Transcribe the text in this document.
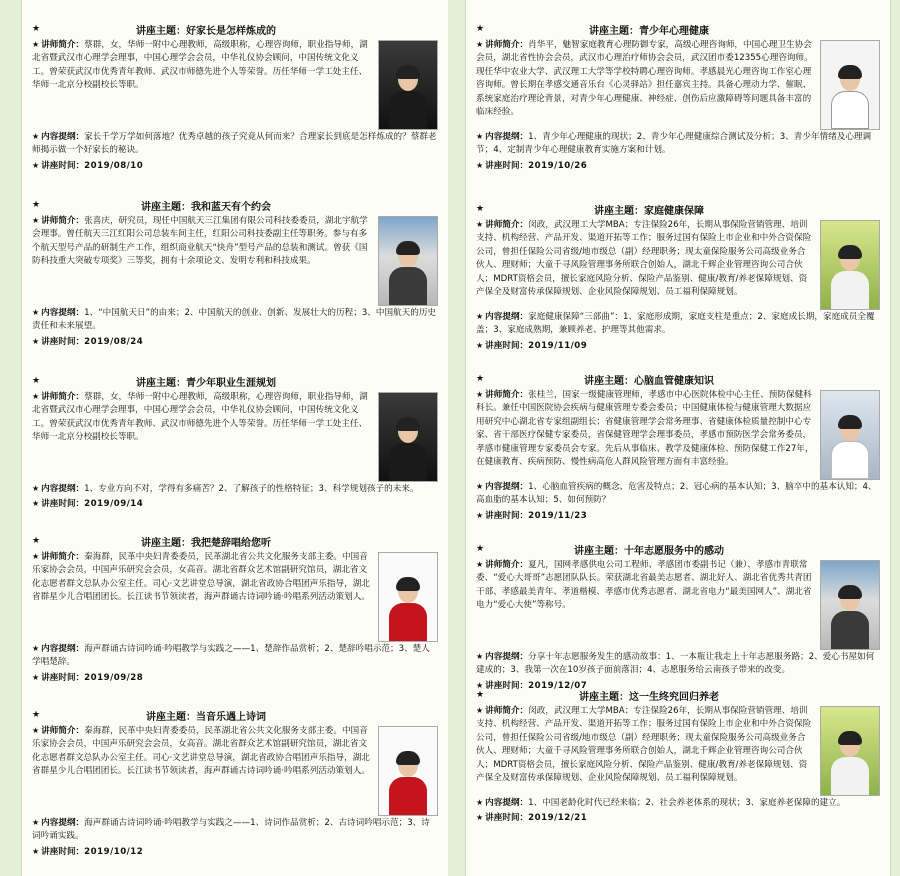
★	讲座主题：好家长是怎样炼成的
★ 讲师简介：蔡群，女，华师一附中心理教师，高级职称，心理咨询师，职业指导师，湖北省暨武汉市心理学会理事，中国心理学会会员，中华礼仪协会顾问，中国传统文化义工。曾荣获武汉市优秀青年教师、武汉市师德先进个人等荣誉。历任华师一学工处主任、华师一北京分校副校长等职。
★ 内容提纲：家长千学万学如何落地？优秀卓越的孩子究竟从何而来？合理家长到底是怎样炼成的？蔡群老师揭示做一个好家长的秘诀。
★ 讲座时间：2019/08/10
★	讲座主题：我和蓝天有个约会
★ 讲师简介：张喜庆，研究员，现任中国航天三江集团有限公司科技委委员，湖北宇航学会理事。曾任航天三江红阳公司总装车间主任，红阳公司科技委副主任等职务。参与有多个航天型号产品的研制生产工作，组织商业航天“快舟”型号产品的总装和测试。曾获《国防科技重大突破专项奖》三等奖，拥有十余项论文、发明专利和科技成果。
★ 内容提纲：1、“中国航天日”的由来；2、中国航天的创业、创新、发展壮大的历程；3、中国航天的历史责任和未来展望。
★ 讲座时间：2019/08/24
★	讲座主题：青少年职业生涯规划
★ 讲师简介：蔡群，女，华师一附中心理教师，高级职称，心理咨询师，职业指导师，湖北省暨武汉市心理学会理事，中国心理学会会员，中华礼仪协会顾问，中国传统文化义工。曾荣获武汉市优秀青年教师、武汉市师德先进个人等荣誉。历任华师一学工处主任、华师一北京分校副校长等职。
★ 内容提纲：1、专业方向不对，学得有多痛苦？2、了解孩子的性格特征；3、科学规划孩子的未来。
★ 讲座时间：2019/09/14
★	讲座主题：我把楚辞唱给您听
★ 讲师简介：秦海群，民革中央妇青委委员，民革湖北省公共文化服务支部主委。中国音乐家协会会员，中国声乐研究会会员，女高音。湖北省群众艺术馆副研究馆员，湖北省文化志愿者群文总队办公室主任。司心·文艺讲堂总导演，湖北省政协合唱团声乐指导，湖北省群星少儿合唱团团长。长江读书节领读者，海声群诵古诗词吟诵·吟唱系列活动策划人。
★ 内容提纲：海声群诵古诗词吟诵·吟唱教学与实践之——1、楚辞作品赏析；2、楚辞吟唱示范；3、楚人学唱楚辞。
★ 讲座时间：2019/09/28
★	讲座主题：当音乐遇上诗词
★ 讲师简介：秦海群，民革中央妇青委委员，民革湖北省公共文化服务支部主委。中国音乐家协会会员，中国声乐研究会会员，女高音。湖北省群众艺术馆副研究馆员，湖北省文化志愿者群文总队办公室主任。司心·文艺讲堂总导演，湖北省政协合唱团声乐指导，湖北省群星少儿合唱团团长。长江读书节领读者，海声群诵古诗词吟诵·吟唱系列活动策划人。
★ 内容提纲：海声群诵古诗词吟诵·吟唱教学与实践之——1、诗词作品赏析；2、古诗词吟唱示范；3、诗词吟诵实践。
★ 讲座时间：2019/10/12
★	讲座主题：青少年心理健康
★ 讲师简介：肖华平，魅智家庭教育心理防御专家，高级心理咨询师，中国心理卫生协会会员，湖北省性协会会员，武汉市心理治疗师协会会员，武汉团市委12355心理咨询师。现任华中农业大学、武汉理工大学等学校特聘心理咨询师。孝感晨光心理咨询工作室心理咨询师。曾长期在孝感交通音乐台《心灵驿站》担任嘉宾主持。具备心理动力学、催眠、系统家庭治疗理论背景，对青少年心理健康、神经症、创伤后应激障碍等问题具备丰富的临床经验。
★ 内容提纲：1、青少年心理健康的现状；2、青少年心理健康综合测试及分析；3、青少年情绪及心理调节；4、定制青少年心理健康教育实施方案和计划。
★ 讲座时间：2019/10/26
★	讲座主题：家庭健康保障
★ 讲师简介：闵政，武汉理工大学MBA；专注保险26年，长期从事保险营销管理、培训支持、机构经营、产品开发、渠道开拓等工作；服务过国有保险上市企业和中外合资保险公司，曾担任保险公司省级/地市级总（副）经理职务；现太童保险服务公司高级业务合伙人、理财师；大童千寻风险管理事务所联合创始人，湖北千辉企业管理咨询公司合伙人；MDRT资格会员，擅长家庭风险分析、保险产品鉴别、健康/教育/养老保障规划、资产保全及财富传承保障规划、企业风险保障规划、员工福利保障规划。
★ 内容提纲：家庭健康保障“三部曲”：1、家庭形成期，家庭支柱是重点；2、家庭成长期，家庭成员全覆盖；3、家庭成熟期，兼顾养老、护理等其他需求。
★ 讲座时间：2019/11/09
★	讲座主题：心脑血管健康知识
★ 讲师简介：张桂兰，国家一级健康管理师，孝感市中心医院体检中心主任、预防保健科科长。兼任中国医院协会疾病与健康管理专委会委员；中国健康体检与健康管理大数据应用研究中心湖北省专家组副组长；省健康管理学会常务理事、省健康体检质量控制中心专家、省干部医疗保健专家委员，省保健管理学会理事委员，孝感市预防医学会常务委员，孝感市健康管理专家委员会专家。先后从事临床、教学及健康体检、预防保健工作27年，在健康教育、疾病预防、慢性病高危人群风险管理方面有丰富经验。
★ 内容提纲：1、心脑血管疾病的概念、危害及特点；2、冠心病的基本认知；3、脑卒中的基本认知；4、高血脂的基本认知；5、如何预防？
★ 讲座时间：2019/11/23
★	讲座主题：十年志愿服务中的感动
★ 讲师简介：夏凡，国网孝感供电公司工程师、孝感团市委副书记（兼）、孝感市青联常委、“爱心大哥哥”志愿团队队长。荣获湖北省最美志愿者、湖北好人、湖北省优秀共青团干部、孝感最美青年、孝道楷模、孝感市优秀志愿者、湖北省电力“最美国网人”、湖北省电力“爱心大使”等称号。
★ 内容提纲：分享十年志愿服务发生的感动故事：1、一本瓶让我走上十年志愿服务路；2、爱心书屋如何建成的；3、我第一次在10岁孩子面前落泪；4、志愿服务给云南孩子带来的改变。
★ 讲座时间：2019/12/07
★	讲座主题：这一生终究回归养老
★ 讲师简介：闵政，武汉理工大学MBA；专注保险26年，长期从事保险营销管理、培训支持、机构经营、产品开发、渠道开拓等工作；服务过国有保险上市企业和中外合资保险公司，曾担任保险公司省级/地市级总（副）经理职务；现太童保险服务公司高级业务合伙人、理财师；大童千寻风险管理事务所联合创始人，湖北千辉企业管理咨询公司合伙人；MDRT资格会员，擅长家庭风险分析、保险产品鉴别、健康/教育/养老保障规划、资产保全及财富传承保障规划、企业风险保障规划、员工福利保障规划。
★ 内容提纲：1、中国老龄化时代已经来临；2、社会养老体系的现状；3、家庭养老保障的建立。
★ 讲座时间：2019/12/21
